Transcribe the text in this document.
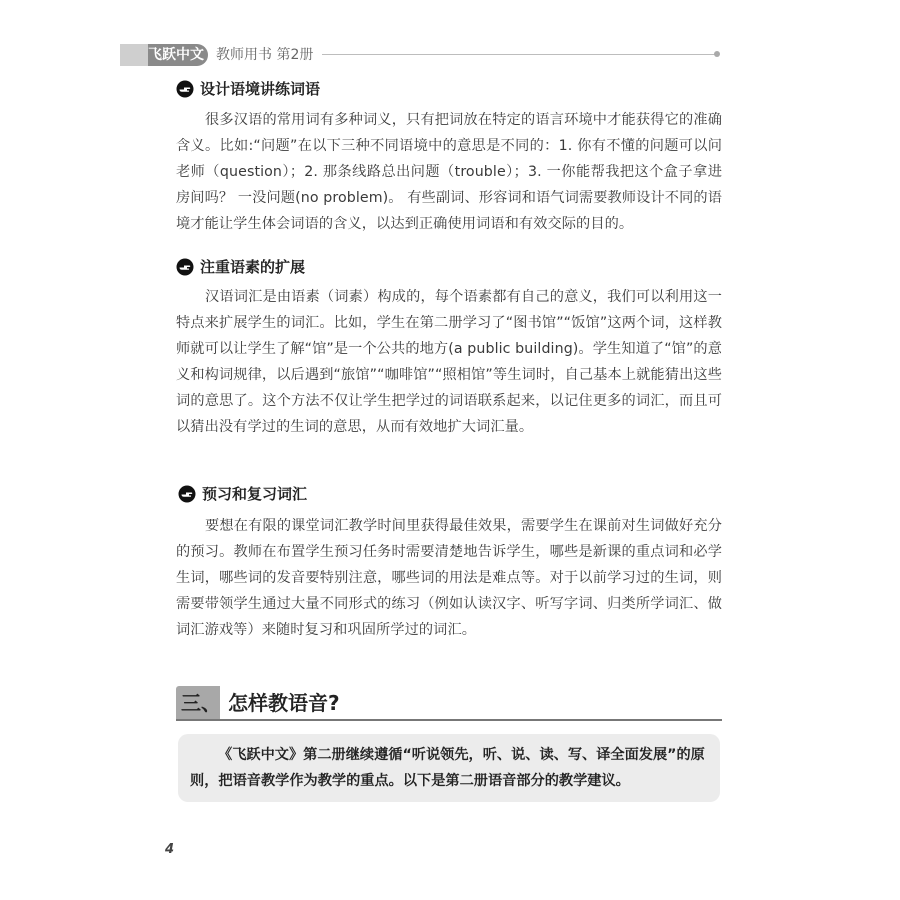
飞跃中文 教师用书 第2册
设计语境讲练词语

很多汉语的常用词有多种词义，只有把词放在特定的语言环境中才能获得它的准确含义。比如:“问题”在以下三种不同语境中的意思是不同的：1. 你有不懂的问题可以问老师（question）；2. 那条线路总出问题（trouble）；3. 一你能帮我把这个盒子拿进房间吗？ 一没问题(no problem)。 有些副词、形容词和语气词需要教师设计不同的语境才能让学生体会词语的含义，以达到正确使用词语和有效交际的目的。

注重语素的扩展

汉语词汇是由语素（词素）构成的，每个语素都有自己的意义，我们可以利用这一特点来扩展学生的词汇。比如，学生在第二册学习了“图书馆”“饭馆”这两个词，这样教师就可以让学生了解“馆”是一个公共的地方(a public building)。学生知道了“馆”的意义和构词规律，以后遇到“旅馆”“咖啡馆”“照相馆”等生词时，自己基本上就能猜出这些词的意思了。这个方法不仅让学生把学过的词语联系起来，以记住更多的词汇，而且可以猜出没有学过的生词的意思，从而有效地扩大词汇量。

预习和复习词汇

要想在有限的课堂词汇教学时间里获得最佳效果，需要学生在课前对生词做好充分的预习。教师在布置学生预习任务时需要清楚地告诉学生，哪些是新课的重点词和必学生词，哪些词的发音要特别注意，哪些词的用法是难点等。对于以前学习过的生词，则需要带领学生通过大量不同形式的练习（例如认读汉字、听写字词、归类所学词汇、做词汇游戏等）来随时复习和巩固所学过的词汇。

三、 怎样教语音?

《飞跃中文》第二册继续遵循“听说领先，听、说、读、写、译全面发展”的原则，把语音教学作为教学的重点。以下是第二册语音部分的教学建议。

4
